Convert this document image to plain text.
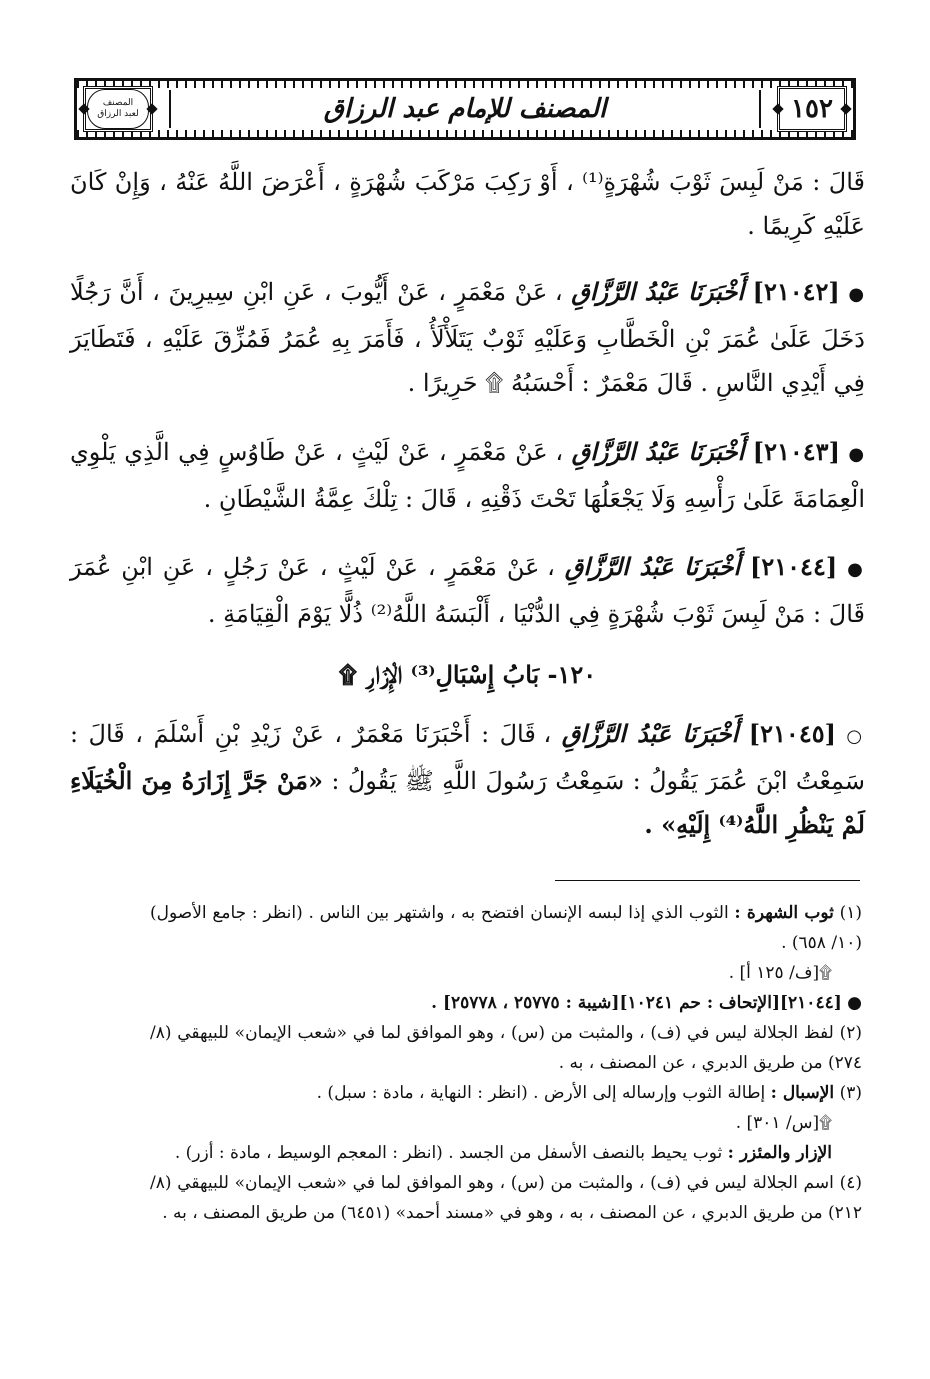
١٥٢
المصنف للإمام عبد الرزاق
المصنف
لعبد الرزاق

قَالَ : مَنْ لَبِسَ ثَوْبَ شُهْرَةٍ⁽¹⁾ ، أَوْ رَكِبَ مَرْكَبَ شُهْرَةٍ ، أَعْرَضَ اللَّهُ عَنْهُ ، وَإِنْ كَانَ عَلَيْهِ كَرِيمًا .

● [٢١٠٤٢] أَخْبَرَنَا عَبْدُ الرَّزَّاقِ ، عَنْ مَعْمَرٍ ، عَنْ أَيُّوبَ ، عَنِ ابْنِ سِيرِينَ ، أَنَّ رَجُلًا دَخَلَ عَلَىٰ عُمَرَ بْنِ الْخَطَّابِ وَعَلَيْهِ ثَوْبٌ يَتَلَأْلَأُ ، فَأَمَرَ بِهِ عُمَرُ فَمُزِّقَ عَلَيْهِ ، فَتَطَايَرَ فِي أَيْدِي النَّاسِ . قَالَ مَعْمَرٌ : أَحْسَبُهُ ۩ حَرِيرًا .

● [٢١٠٤٣] أَخْبَرَنَا عَبْدُ الرَّزَّاقِ ، عَنْ مَعْمَرٍ ، عَنْ لَيْثٍ ، عَنْ طَاوُسٍ فِي الَّذِي يَلْوِي الْعِمَامَةَ عَلَىٰ رَأْسِهِ وَلَا يَجْعَلُهَا تَحْتَ ذَقْنِهِ ، قَالَ : تِلْكَ عِمَّةُ الشَّيْطَانِ .

● [٢١٠٤٤] أَخْبَرَنَا عَبْدُ الرَّزَّاقِ ، عَنْ مَعْمَرٍ ، عَنْ لَيْثٍ ، عَنْ رَجُلٍ ، عَنِ ابْنِ عُمَرَ قَالَ : مَنْ لَبِسَ ثَوْبَ شُهْرَةٍ فِي الدُّنْيَا ، أَلْبَسَهُ اللَّهُ⁽²⁾ ذُلًّا يَوْمَ الْقِيَامَةِ .

١٢٠- بَابُ إِسْبَالِ⁽³⁾ الْإِزَارِ ۩

○ [٢١٠٤٥] أَخْبَرَنَا عَبْدُ الرَّزَّاقِ ، قَالَ : أَخْبَرَنَا مَعْمَرٌ ، عَنْ زَيْدِ بْنِ أَسْلَمَ ، قَالَ : سَمِعْتُ ابْنَ عُمَرَ يَقُولُ : سَمِعْتُ رَسُولَ اللَّهِ ﷺ يَقُولُ : «مَنْ جَرَّ إِزَارَهُ مِنَ الْخُيَلَاءِ لَمْ يَنْظُرِ اللَّهُ⁽⁴⁾ إِلَيْهِ» .

(١) ثوب الشهرة : الثوب الذي إذا لبسه الإنسان افتضح به ، واشتهر بين الناس . (انظر : جامع الأصول) (١٠/ ٦٥٨) .

۩[ف/ ١٢٥ أ] .

● [٢١٠٤٤][الإتحاف : حم ١٠٢٤١][شيبة : ٢٥٧٧٥ ، ٢٥٧٧٨] .

(٢) لفظ الجلالة ليس في (ف) ، والمثبت من (س) ، وهو الموافق لما في «شعب الإيمان» للبيهقي (٨/ ٢٧٤) من طريق الدبري ، عن المصنف ، به .

(٣) الإسبال : إطالة الثوب وإرساله إلى الأرض . (انظر : النهاية ، مادة : سبل) .

۩[س/ ٣٠١] .

الإزار والمئزر : ثوب يحيط بالنصف الأسفل من الجسد . (انظر : المعجم الوسيط ، مادة : أزر) .

(٤) اسم الجلالة ليس في (ف) ، والمثبت من (س) ، وهو الموافق لما في «شعب الإيمان» للبيهقي (٨/ ٢١٢) من طريق الدبري ، عن المصنف ، به ، وهو في «مسند أحمد» (٦٤٥١) من طريق المصنف ، به .
